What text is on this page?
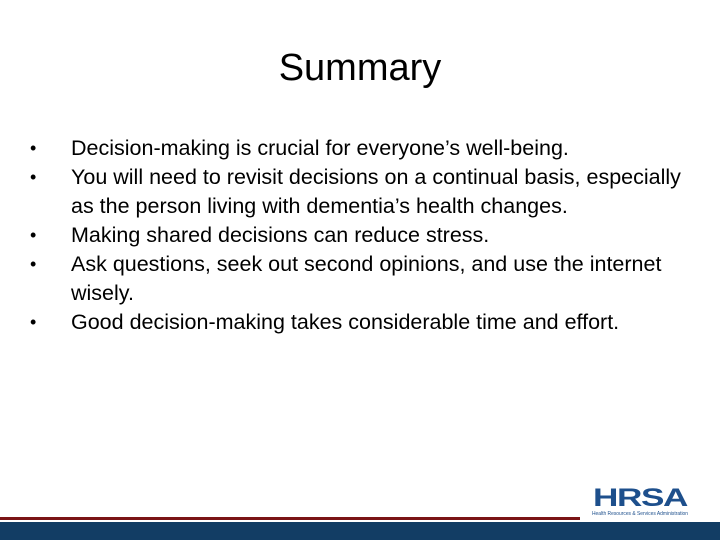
Summary
• Decision-making is crucial for everyone’s well-being.
• You will need to revisit decisions on a continual basis, especially as the person living with dementia’s health changes.
• Making shared decisions can reduce stress.
• Ask questions, seek out second opinions, and use the internet wisely.
• Good decision-making takes considerable time and effort.
HRSA
Health Resources & Services Administration
